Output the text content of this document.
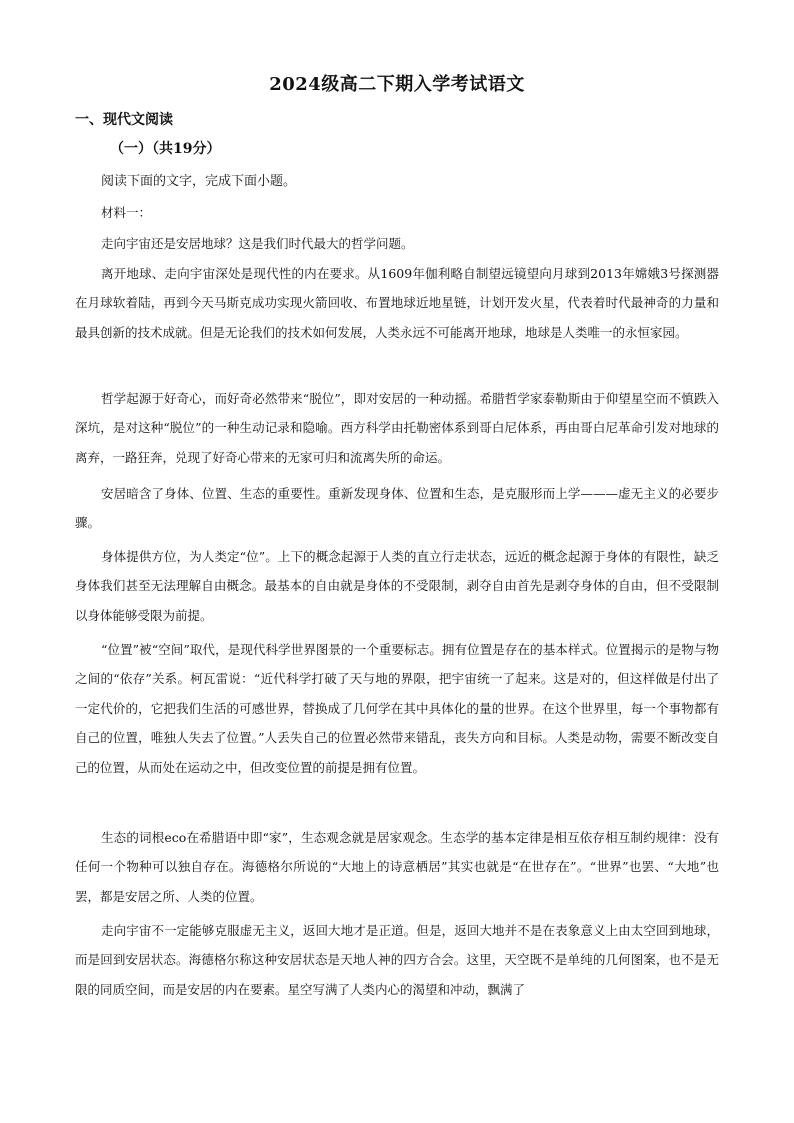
2024级高二下期入学考试语文
一、现代文阅读
（一）（共19分）
阅读下面的文字，完成下面小题。
材料一：
走向宇宙还是安居地球？这是我们时代最大的哲学问题。
离开地球、走向宇宙深处是现代性的内在要求。从1609年伽利略自制望远镜望向月球到2013年嫦娥3号探测器在月球软着陆，再到今天马斯克成功实现火箭回收、布置地球近地星链，计划开发火星，代表着时代最神奇的力量和最具创新的技术成就。但是无论我们的技术如何发展，人类永远不可能离开地球，地球是人类唯一的永恒家园。
哲学起源于好奇心，而好奇必然带来“脱位”，即对安居的一种动摇。希腊哲学家泰勒斯由于仰望星空而不慎跌入深坑，是对这种“脱位”的一种生动记录和隐喻。西方科学由托勒密体系到哥白尼体系，再由哥白尼革命引发对地球的离弃，一路狂奔，兑现了好奇心带来的无家可归和流离失所的命运。
安居暗含了身体、位置、生态的重要性。重新发现身体、位置和生态，是克服形而上学———虚无主义的必要步骤。
身体提供方位，为人类定“位”。上下的概念起源于人类的直立行走状态，远近的概念起源于身体的有限性，缺乏身体我们甚至无法理解自由概念。最基本的自由就是身体的不受限制，剥夺自由首先是剥夺身体的自由，但不受限制以身体能够受限为前提。
“位置”被“空间”取代，是现代科学世界图景的一个重要标志。拥有位置是存在的基本样式。位置揭示的是物与物之间的“依存”关系。柯瓦雷说：“近代科学打破了天与地的界限，把宇宙统一了起来。这是对的，但这样做是付出了一定代价的，它把我们生活的可感世界，替换成了几何学在其中具体化的量的世界。在这个世界里，每一个事物都有自己的位置，唯独人失去了位置。”人丢失自己的位置必然带来错乱，丧失方向和目标。人类是动物，需要不断改变自己的位置，从而处在运动之中，但改变位置的前提是拥有位置。
生态的词根eco在希腊语中即“家”，生态观念就是居家观念。生态学的基本定律是相互依存相互制约规律：没有任何一个物种可以独自存在。海德格尔所说的“大地上的诗意栖居”其实也就是“在世存在”。“世界”也罢、“大地”也罢，都是安居之所、人类的位置。
走向宇宙不一定能够克服虚无主义，返回大地才是正道。但是，返回大地并不是在表象意义上由太空回到地球，而是回到安居状态。海德格尔称这种安居状态是天地人神的四方合会。这里，天空既不是单纯的几何图案，也不是无限的同质空间，而是安居的内在要素。星空写满了人类内心的渴望和冲动，飘满了
